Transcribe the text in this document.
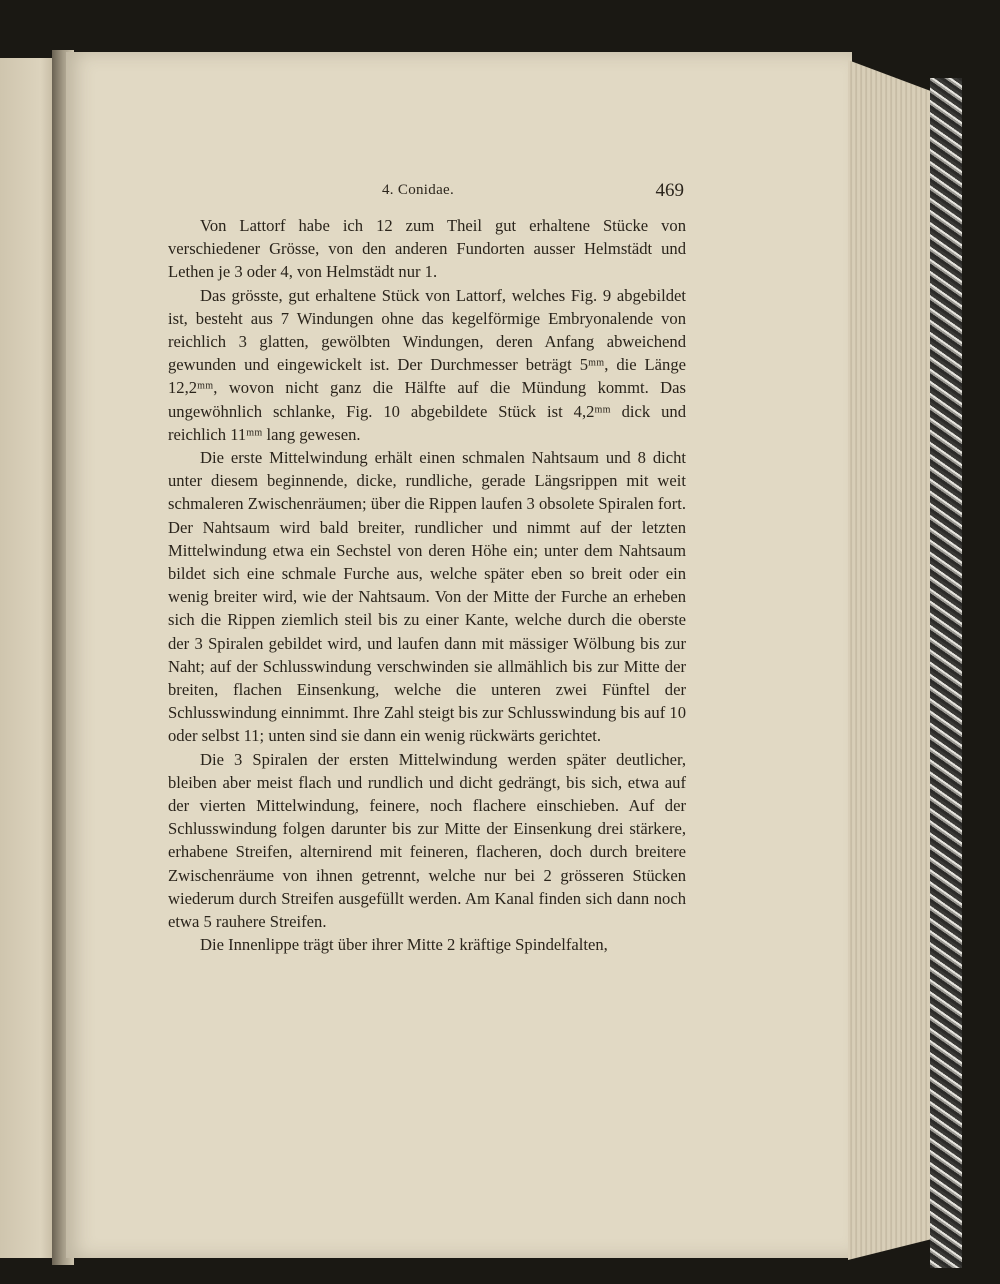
4. Conidae.	469

Von Lattorf habe ich 12 zum Theil gut erhaltene Stücke von verschiedener Grösse, von den anderen Fundorten ausser Helmstädt und Lethen je 3 oder 4, von Helmstädt nur 1.

Das grösste, gut erhaltene Stück von Lattorf, welches Fig. 9 abgebildet ist, besteht aus 7 Windungen ohne das kegelförmige Embryonalende von reichlich 3 glatten, gewölbten Windungen, deren Anfang abweichend gewunden und eingewickelt ist. Der Durchmesser beträgt 5ᵐᵐ, die Länge 12,2ᵐᵐ, wovon nicht ganz die Hälfte auf die Mündung kommt. Das ungewöhnlich schlanke, Fig. 10 abgebildete Stück ist 4,2ᵐᵐ dick und reichlich 11ᵐᵐ lang gewesen.

Die erste Mittelwindung erhält einen schmalen Nahtsaum und 8 dicht unter diesem beginnende, dicke, rundliche, gerade Längsrippen mit weit schmaleren Zwischenräumen; über die Rippen laufen 3 obsolete Spiralen fort. Der Nahtsaum wird bald breiter, rundlicher und nimmt auf der letzten Mittelwindung etwa ein Sechstel von deren Höhe ein; unter dem Nahtsaum bildet sich eine schmale Furche aus, welche später eben so breit oder ein wenig breiter wird, wie der Nahtsaum. Von der Mitte der Furche an erheben sich die Rippen ziemlich steil bis zu einer Kante, welche durch die oberste der 3 Spiralen gebildet wird, und laufen dann mit mässiger Wölbung bis zur Naht; auf der Schlusswindung verschwinden sie allmählich bis zur Mitte der breiten, flachen Einsenkung, welche die unteren zwei Fünftel der Schlusswindung einnimmt. Ihre Zahl steigt bis zur Schlusswindung bis auf 10 oder selbst 11; unten sind sie dann ein wenig rückwärts gerichtet.

Die 3 Spiralen der ersten Mittelwindung werden später deutlicher, bleiben aber meist flach und rundlich und dicht gedrängt, bis sich, etwa auf der vierten Mittelwindung, feinere, noch flachere einschieben. Auf der Schlusswindung folgen darunter bis zur Mitte der Einsenkung drei stärkere, erhabene Streifen, alternirend mit feineren, flacheren, doch durch breitere Zwischenräume von ihnen getrennt, welche nur bei 2 grösseren Stücken wiederum durch Streifen ausgefüllt werden. Am Kanal finden sich dann noch etwa 5 rauhere Streifen.

Die Innenlippe trägt über ihrer Mitte 2 kräftige Spindelfalten,
